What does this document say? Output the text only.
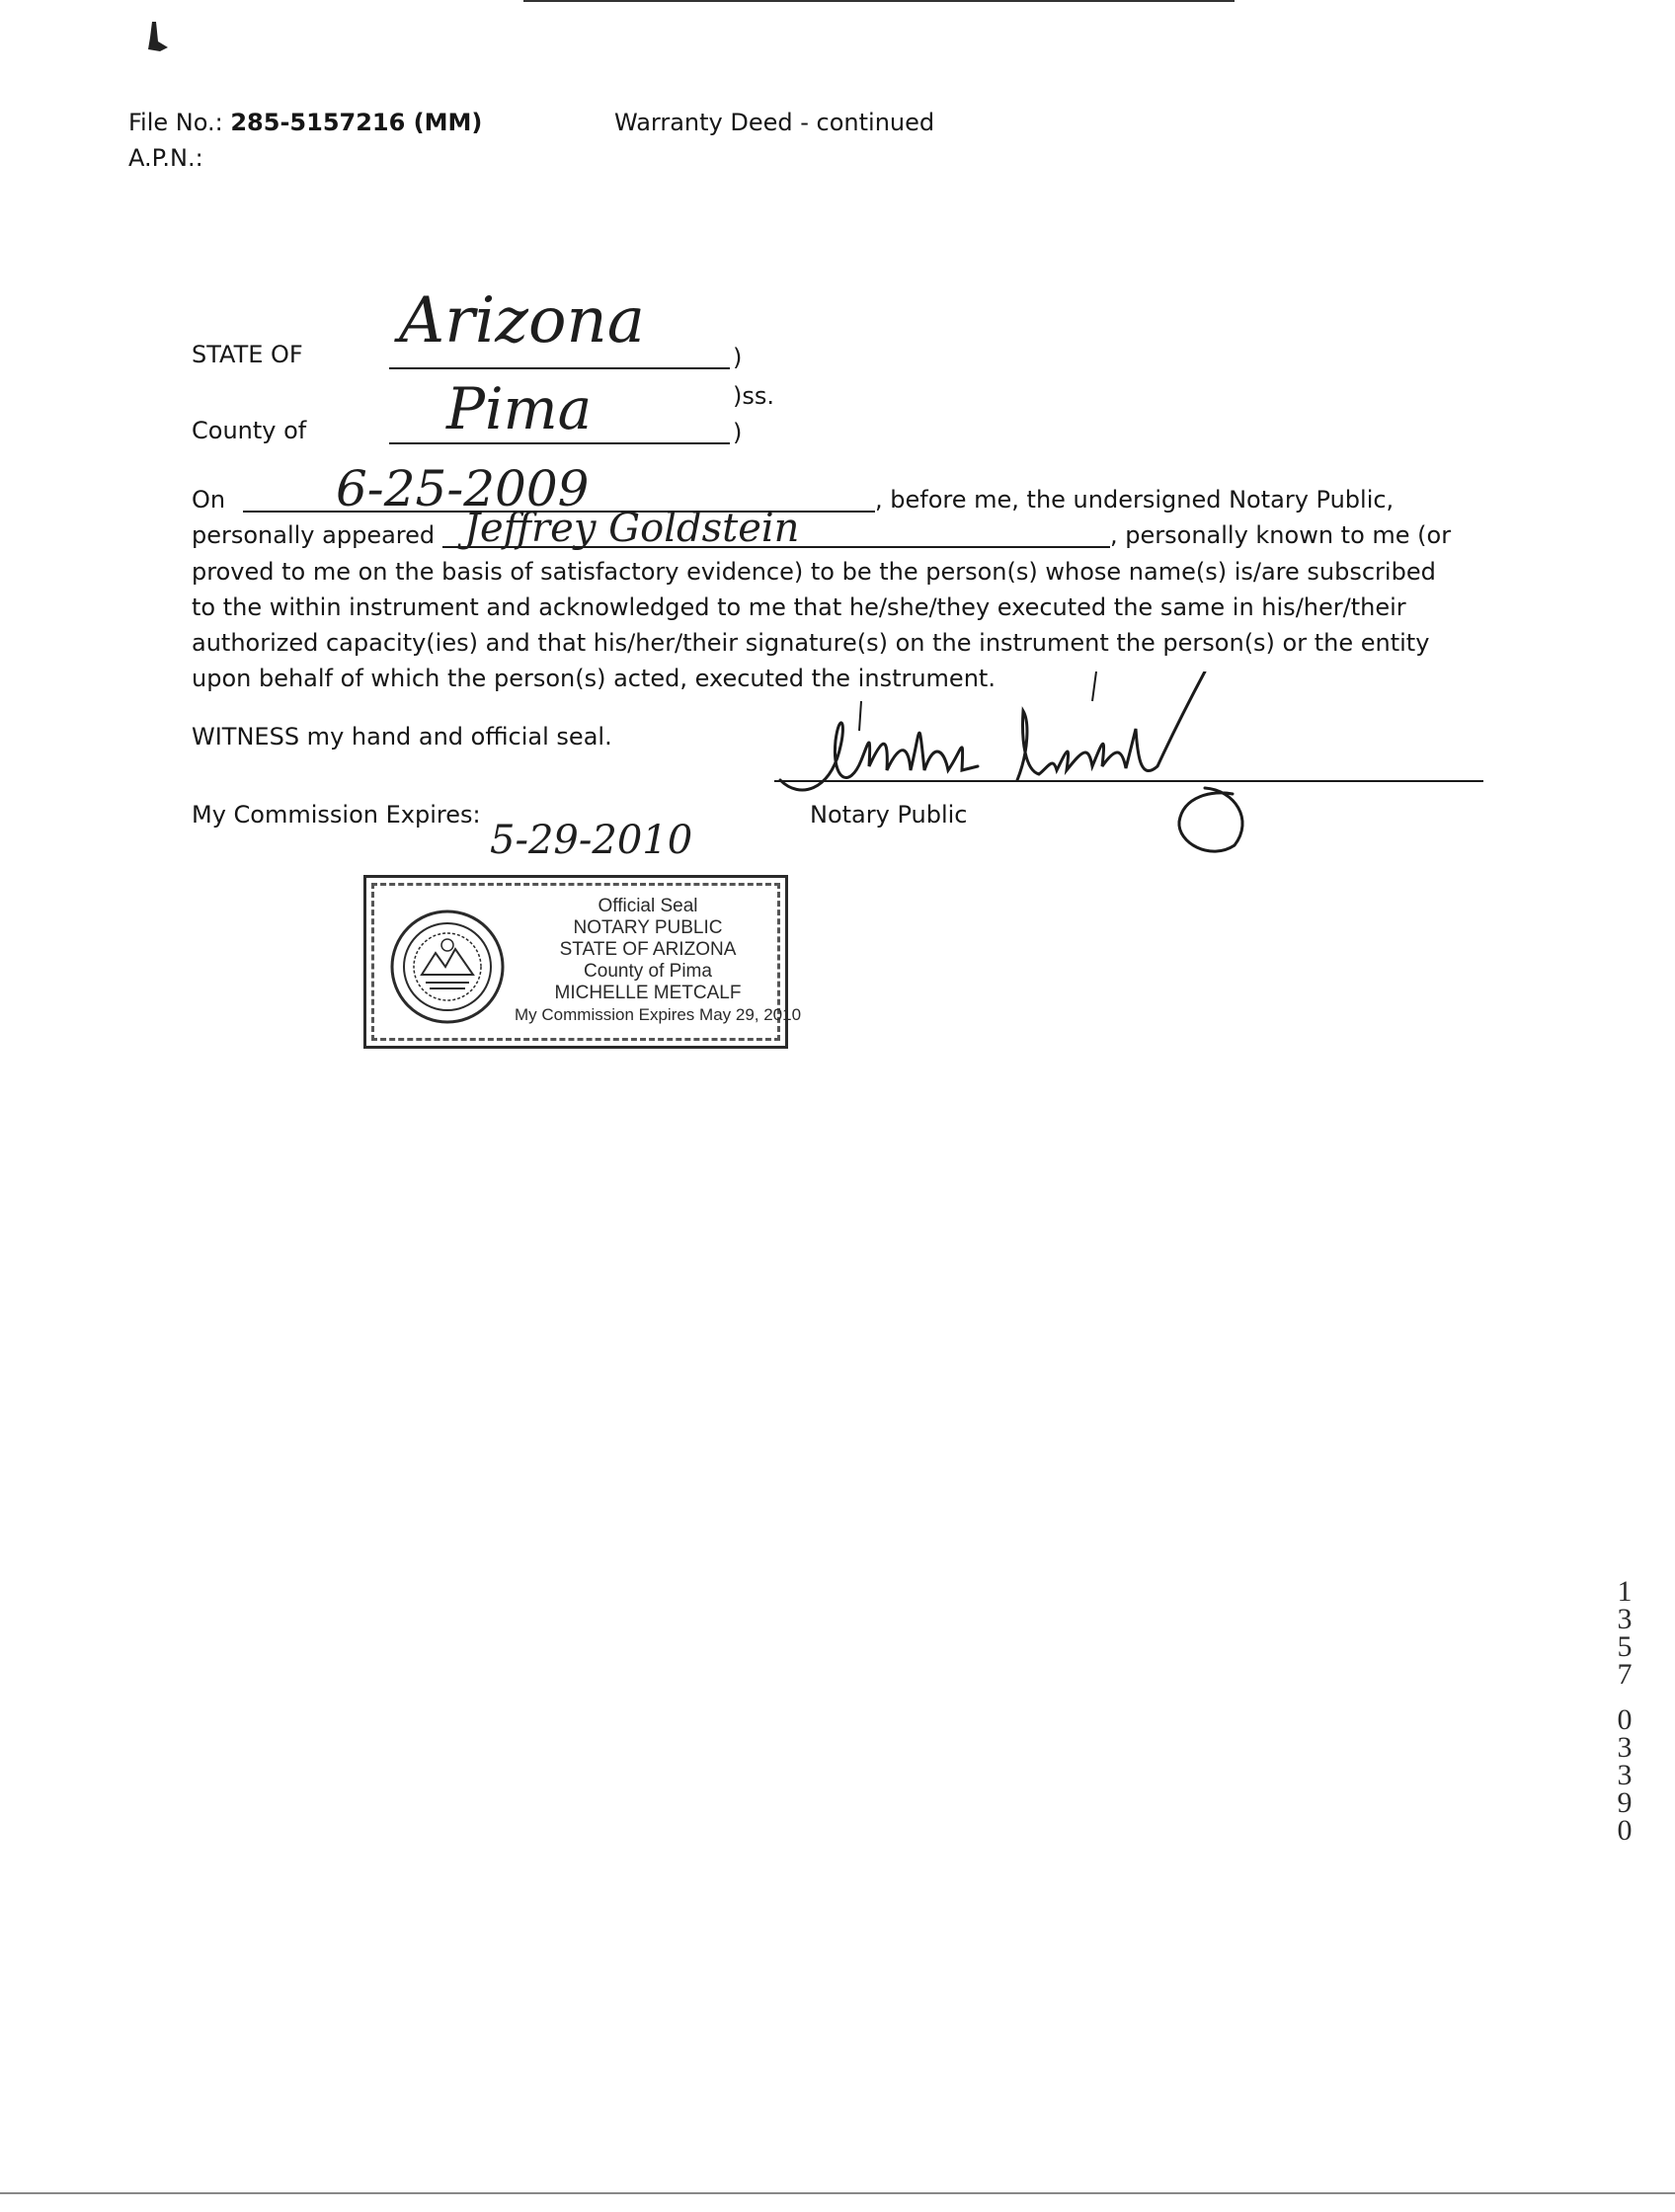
File No.: 285-5157216 (MM)	Warranty Deed - continued
A.P.N.:
STATE OF Arizona	)
)ss.
County of Pima	)
On 6-25-2009	, before me, the undersigned Notary Public,
personally appeared Jeffrey Goldstein	, personally known to me (or
proved to me on the basis of satisfactory evidence) to be the person(s) whose name(s) is/are subscribed
to the within instrument and acknowledged to me that he/she/they executed the same in his/her/their
authorized capacity(ies) and that his/her/their signature(s) on the instrument the person(s) or the entity
upon behalf of which the person(s) acted, executed the instrument.
WITNESS my hand and official seal.
Notary Public
My Commission Expires:
5-29-2010
Official Seal
NOTARY PUBLIC
STATE OF ARIZONA
County of Pima
MICHELLE METCALF
My Commission Expires May 29, 2010
1
3
5
7
0
3
3
9
0
